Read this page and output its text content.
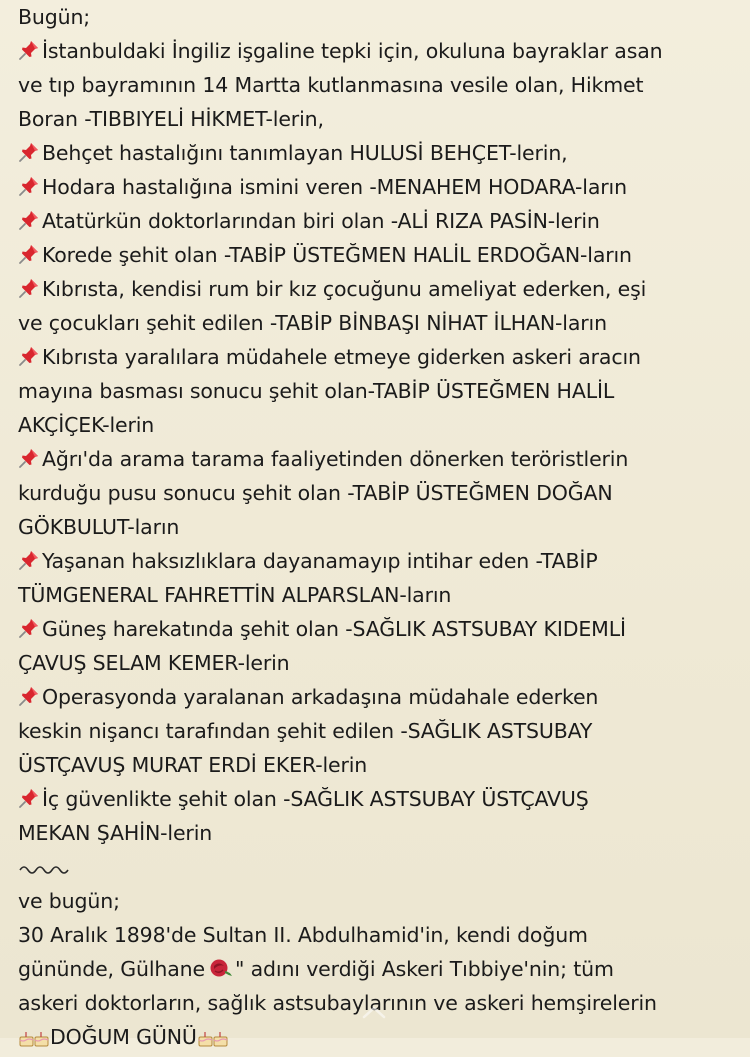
Bugün;
İstanbuldaki İngiliz işgaline tepki için, okuluna bayraklar asan
ve tıp bayramının 14 Martta kutlanmasına vesile olan, Hikmet
Boran -TIBBIYELİ HİKMET-lerin,
Behçet hastalığını tanımlayan HULUSİ BEHÇET-lerin,
Hodara hastalığına ismini veren -MENAHEM HODARA-ların
Atatürkün doktorlarından biri olan -ALİ RIZA PASİN-lerin
Korede şehit olan -TABİP ÜSTEĞMEN HALİL ERDOĞAN-ların
Kıbrısta, kendisi rum bir kız çocuğunu ameliyat ederken, eşi
ve çocukları şehit edilen -TABİP BİNBAŞI NİHAT İLHAN-ların
Kıbrısta yaralılara müdahele etmeye giderken askeri aracın
mayına basması sonucu şehit olan-TABİP ÜSTEĞMEN HALİL
AKÇİÇEK-lerin
Ağrı'da arama tarama faaliyetinden dönerken teröristlerin
kurduğu pusu sonucu şehit olan -TABİP ÜSTEĞMEN DOĞAN
GÖKBULUT-ların
Yaşanan haksızlıklara dayanamayıp intihar eden -TABİP
TÜMGENERAL FAHRETTİN ALPARSLAN-ların
Güneş harekatında şehit olan -SAĞLIK ASTSUBAY KIDEMLİ
ÇAVUŞ SELAM KEMER-lerin
Operasyonda yaralanan arkadaşına müdahale ederken
keskin nişancı tarafından şehit edilen -SAĞLIK ASTSUBAY
ÜSTÇAVUŞ MURAT ERDİ EKER-lerin
İç güvenlikte şehit olan -SAĞLIK ASTSUBAY ÜSTÇAVUŞ
MEKAN ŞAHİN-lerin
ve bugün;
30 Aralık 1898'de Sultan II. Abdulhamid'in, kendi doğum
gününde, Gülhane " adını verdiği Askeri Tıbbiye'nin; tüm
askeri doktorların, sağlık astsubaylarının ve askeri hemşirelerin
DOĞUM GÜNÜ
